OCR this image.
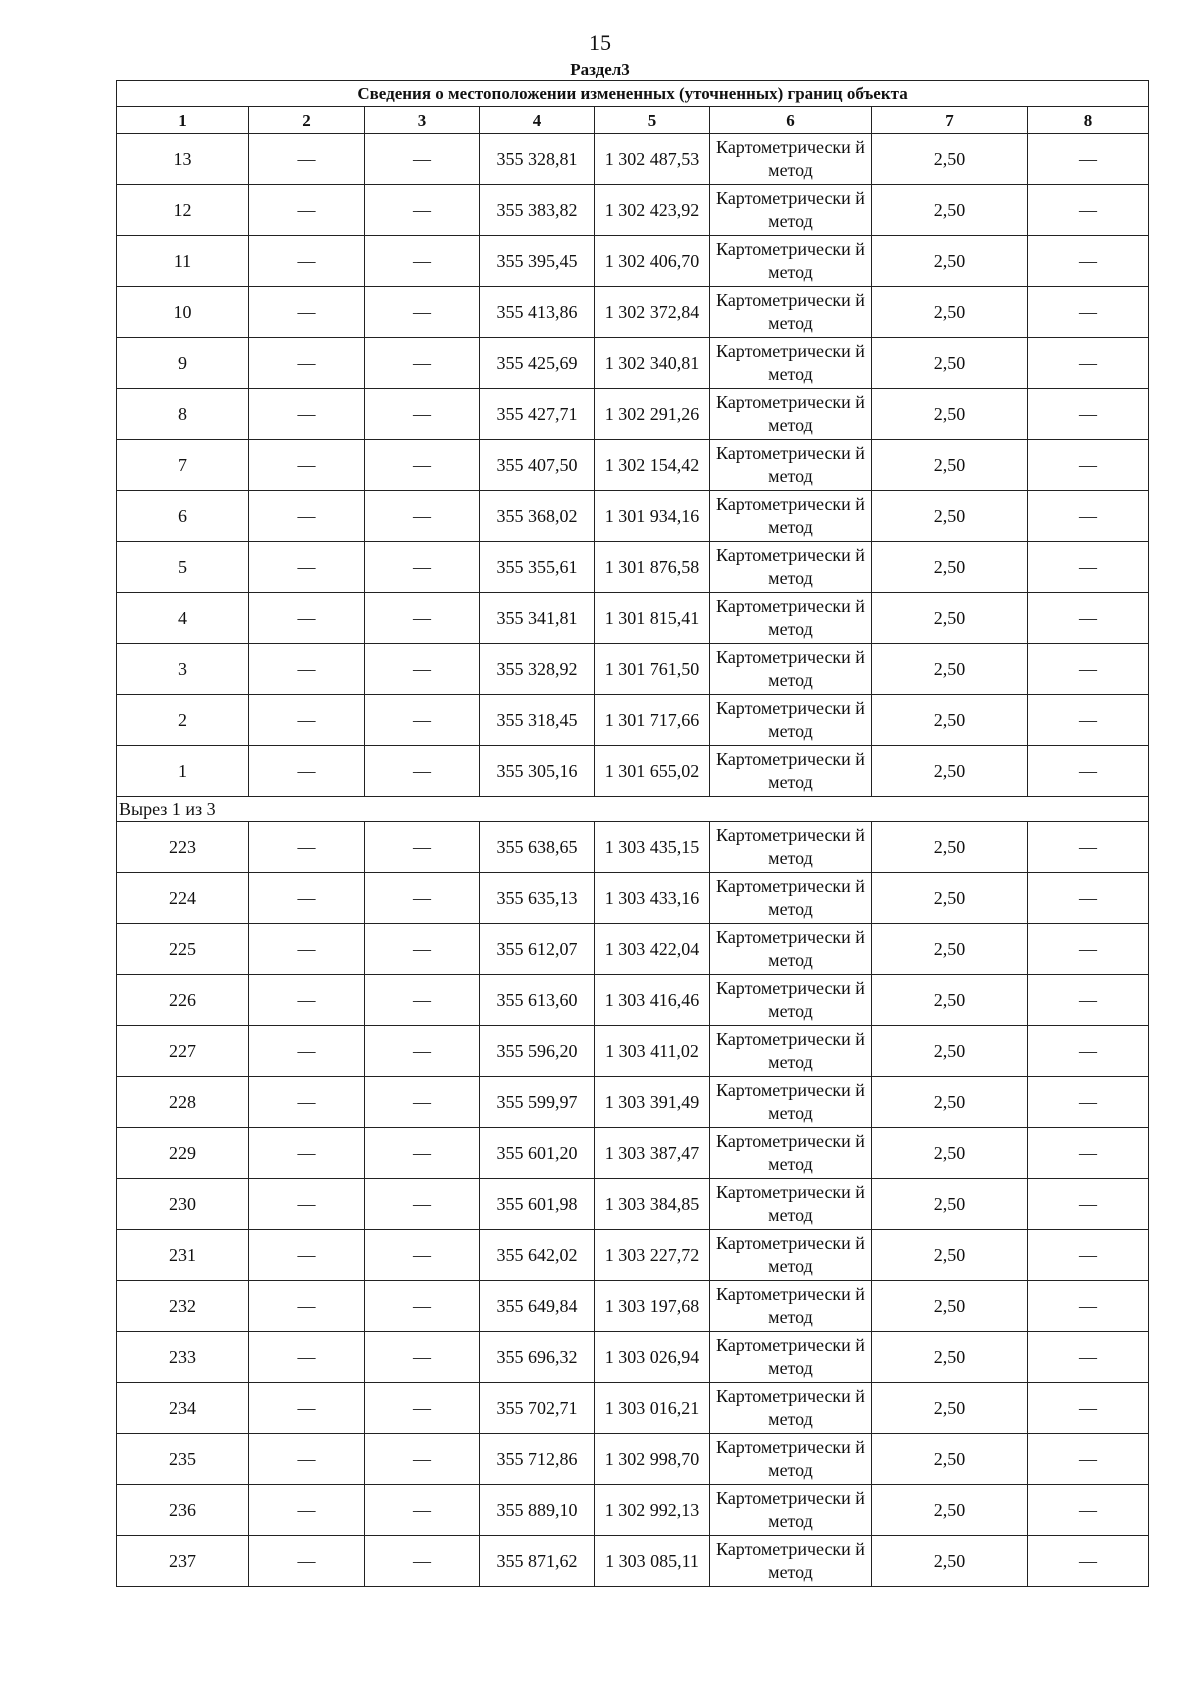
15
Раздел3
Сведения о местоположении измененных (уточненных) границ объекта							
1	2	3	4	5	6	7	8
13	—	—	355 328,81	1 302 487,53	Картометрически й метод	2,50	—
12	—	—	355 383,82	1 302 423,92	Картометрически й метод	2,50	—
11	—	—	355 395,45	1 302 406,70	Картометрически й метод	2,50	—
10	—	—	355 413,86	1 302 372,84	Картометрически й метод	2,50	—
9	—	—	355 425,69	1 302 340,81	Картометрически й метод	2,50	—
8	—	—	355 427,71	1 302 291,26	Картометрически й метод	2,50	—
7	—	—	355 407,50	1 302 154,42	Картометрически й метод	2,50	—
6	—	—	355 368,02	1 301 934,16	Картометрически й метод	2,50	—
5	—	—	355 355,61	1 301 876,58	Картометрически й метод	2,50	—
4	—	—	355 341,81	1 301 815,41	Картометрически й метод	2,50	—
3	—	—	355 328,92	1 301 761,50	Картометрически й метод	2,50	—
2	—	—	355 318,45	1 301 717,66	Картометрически й метод	2,50	—
1	—	—	355 305,16	1 301 655,02	Картометрически й метод	2,50	—
Вырез 1 из 3							
223	—	—	355 638,65	1 303 435,15	Картометрически й метод	2,50	—
224	—	—	355 635,13	1 303 433,16	Картометрически й метод	2,50	—
225	—	—	355 612,07	1 303 422,04	Картометрически й метод	2,50	—
226	—	—	355 613,60	1 303 416,46	Картометрически й метод	2,50	—
227	—	—	355 596,20	1 303 411,02	Картометрически й метод	2,50	—
228	—	—	355 599,97	1 303 391,49	Картометрически й метод	2,50	—
229	—	—	355 601,20	1 303 387,47	Картометрически й метод	2,50	—
230	—	—	355 601,98	1 303 384,85	Картометрически й метод	2,50	—
231	—	—	355 642,02	1 303 227,72	Картометрически й метод	2,50	—
232	—	—	355 649,84	1 303 197,68	Картометрически й метод	2,50	—
233	—	—	355 696,32	1 303 026,94	Картометрически й метод	2,50	—
234	—	—	355 702,71	1 303 016,21	Картометрически й метод	2,50	—
235	—	—	355 712,86	1 302 998,70	Картометрически й метод	2,50	—
236	—	—	355 889,10	1 302 992,13	Картометрически й метод	2,50	—
237	—	—	355 871,62	1 303 085,11	Картометрически й метод	2,50	—
